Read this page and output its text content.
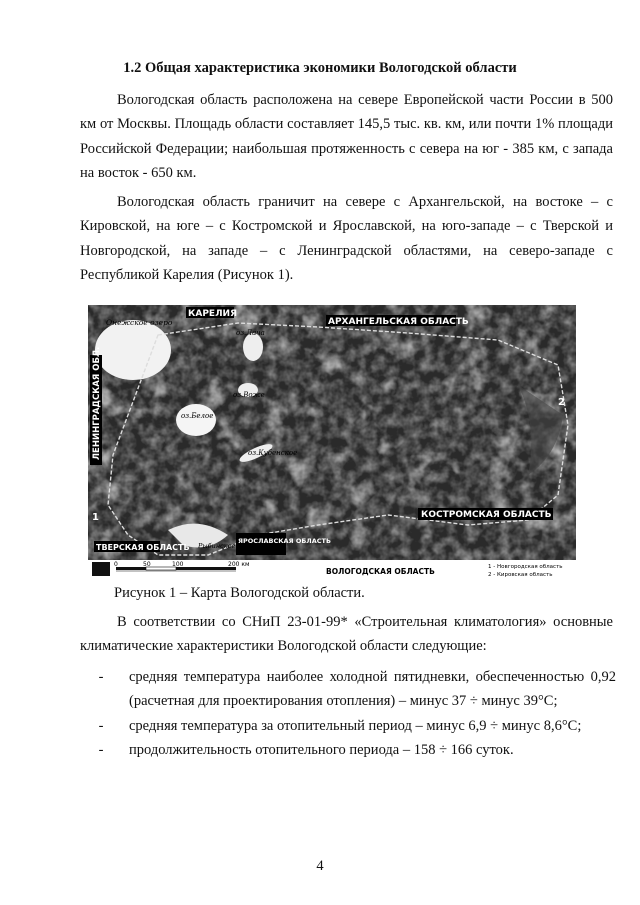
1.2 Общая характеристика экономики Вологодской области

Вологодская область расположена на севере Европейской части России в 500 км от Москвы. Площадь области составляет 145,5 тыс. кв. км, или почти 1% площади Российской Федерации; наибольшая протяженность с севера на юг - 385 км, с запада на восток - 650 км.

Вологодская область граничит на севере с Архангельской, на востоке – с Кировской, на юге – с Костромской и Ярославской, на юго-западе – с Тверской и Новгородской, на западе – с Ленинградской областями, на северо-западе с Республикой Карелия (Рисунок 1).

КАРЕЛИЯ
АРХАНГЕЛЬСКАЯ ОБЛАСТЬ
ЛЕНИНГРАДСКАЯ ОБЛ.
КОСТРОМСКАЯ ОБЛАСТЬ
ТВЕРСКАЯ ОБЛАСТЬ
ЯРОСЛАВСКАЯ ОБЛАСТЬ
Онежское озеро
оз.Белое
оз.Лача
оз.Воже
оз.Кубенское
Рыбинское вдхр.
1
2
0	50	100	200 км
ВОЛОГОДСКАЯ ОБЛАСТЬ	1 - Новгородская область
2 - Кировская область
Рисунок 1 – Карта Вологодской области.

В соответствии со СНиП 23-01-99* «Строительная климатология» основные климатические характеристики Вологодской области следующие:

-	средняя температура наиболее холодной пятидневки, обеспеченностью 0,92 (расчетная для проектирования отопления) – минус 37 ÷ минус 39°С;
-	средняя температура за отопительный период – минус 6,9 ÷ минус 8,6°С;
-	продолжительность отопительного периода – 158 ÷ 166 суток.
4
